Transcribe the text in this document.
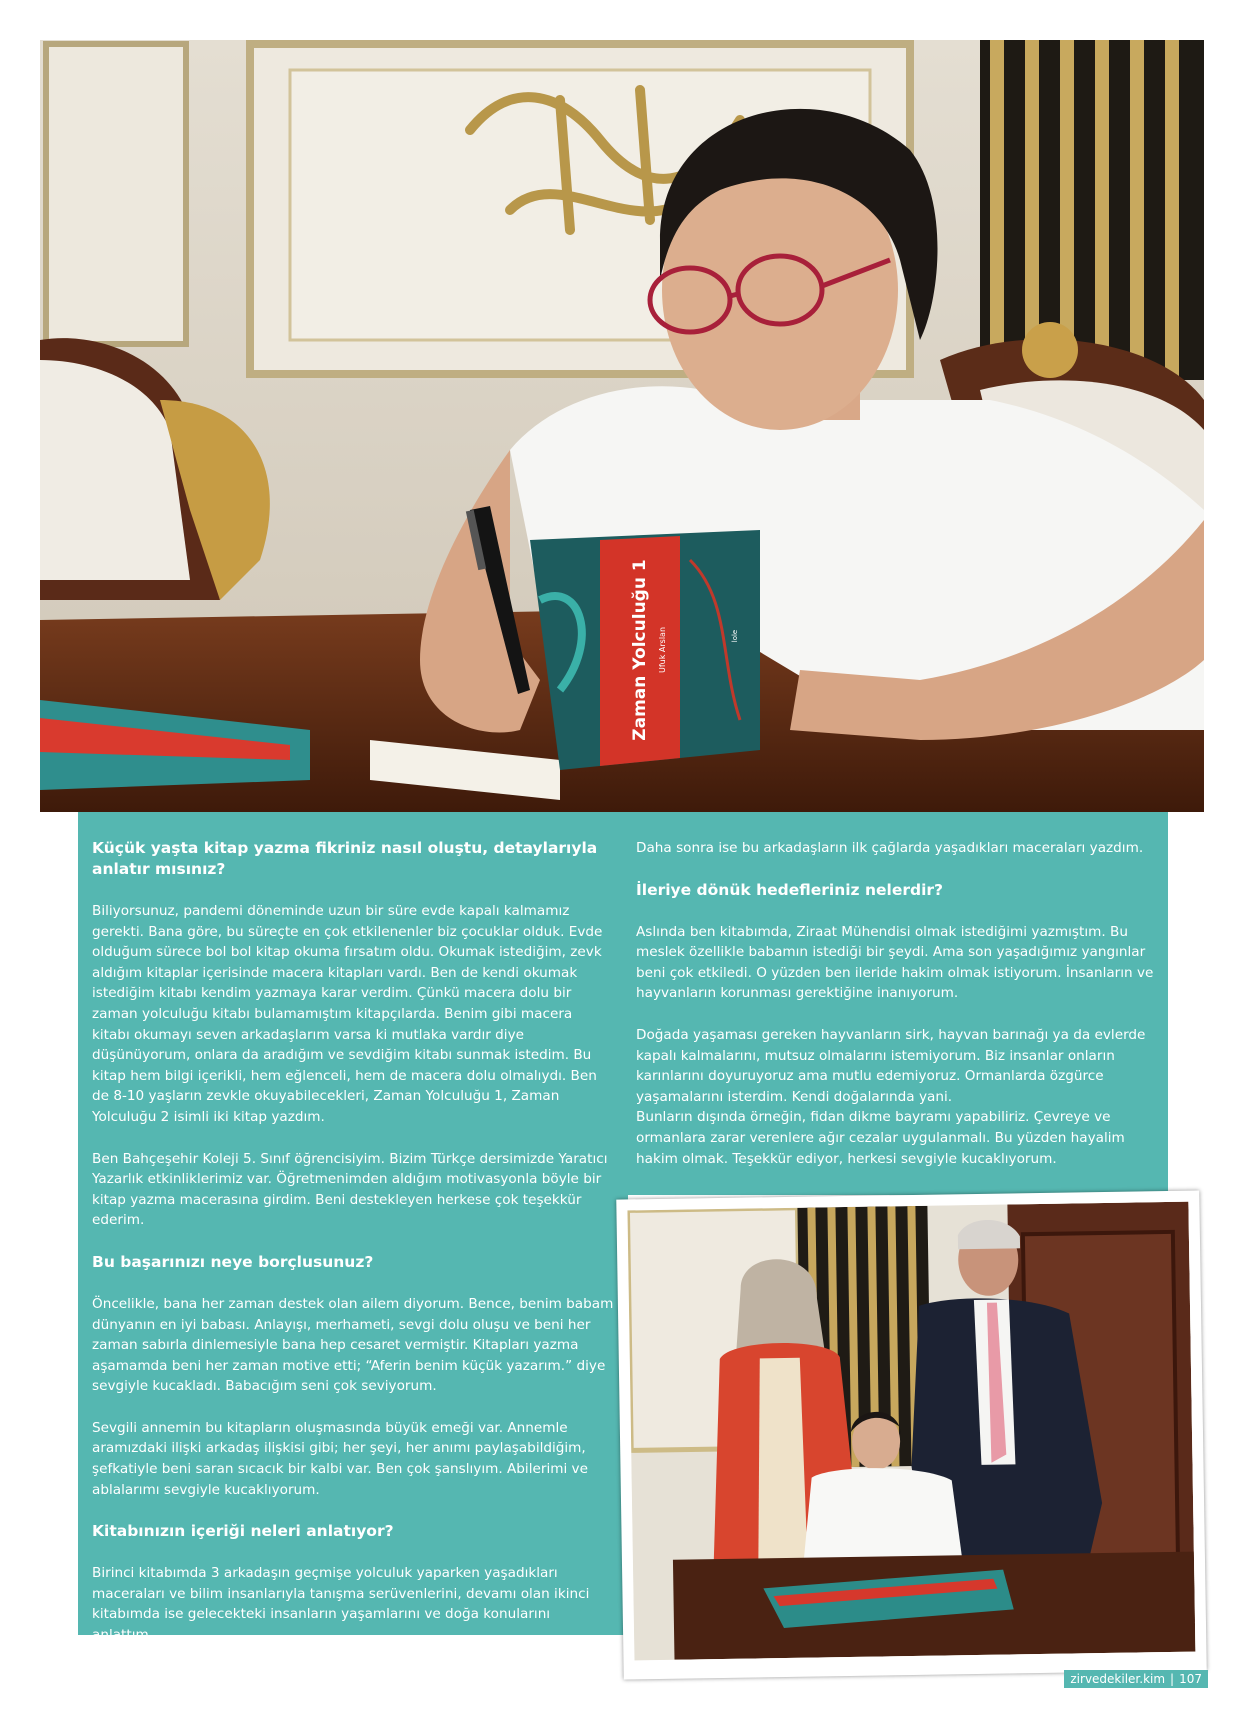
Zaman Yolculuğu 1 Ufuk Arslan	lole
Küçük yaşta kitap yazma fikriniz nasıl oluştu, detaylarıyla anlatır mısınız?

Biliyorsunuz, pandemi döneminde uzun bir süre evde kapalı kalmamız gerekti. Bana göre, bu süreçte en çok etkilenenler biz çocuklar olduk. Evde olduğum sürece bol bol kitap okuma fırsatım oldu. Okumak istediğim, zevk aldığım kitaplar içerisinde macera kitapları vardı. Ben de kendi okumak istediğim kitabı kendim yazmaya karar verdim. Çünkü macera dolu bir zaman yolculuğu kitabı bulamamıştım kitapçılarda. Benim gibi macera kitabı okumayı seven arkadaşlarım varsa ki mutlaka vardır diye düşünüyorum, onlara da aradığım ve sevdiğim kitabı sunmak istedim. Bu kitap hem bilgi içerikli, hem eğlenceli, hem de macera dolu olmalıydı. Ben de 8-10 yaşların zevkle okuyabilecekleri, Zaman Yolculuğu 1, Zaman Yolculuğu 2 isimli iki kitap yazdım.

Ben Bahçeşehir Koleji 5. Sınıf öğrencisiyim. Bizim Türkçe dersimizde Yaratıcı Yazarlık etkinliklerimiz var. Öğretmenimden aldığım motivasyonla böyle bir kitap yazma macerasına girdim. Beni destekleyen herkese çok teşekkür ederim.

Bu başarınızı neye borçlusunuz?

Öncelikle, bana her zaman destek olan ailem diyorum. Bence, benim babam dünyanın en iyi babası. Anlayışı, merhameti, sevgi dolu oluşu ve beni her zaman sabırla dinlemesiyle bana hep cesaret vermiştir. Kitapları yazma aşamamda beni her zaman motive etti; “Aferin benim küçük yazarım.” diye sevgiyle kucakladı. Babacığım seni çok seviyorum.

Sevgili annemin bu kitapların oluşmasında büyük emeği var. Annemle aramızdaki ilişki arkadaş ilişkisi gibi; her şeyi, her anımı paylaşabildiğim, şefkatiyle beni saran sıcacık bir kalbi var. Ben çok şanslıyım. Abilerimi ve ablalarımı sevgiyle kucaklıyorum.

Kitabınızın içeriği neleri anlatıyor?

Birinci kitabımda 3 arkadaşın geçmişe yolculuk yaparken yaşadıkları maceraları ve bilim insanlarıyla tanışma serüvenlerini, devamı olan ikinci kitabımda ise gelecekteki insanların yaşamlarını ve doğa konularını anlattım.

Daha sonra ise bu arkadaşların ilk çağlarda yaşadıkları maceraları yazdım.

İleriye dönük hedefleriniz nelerdir?

Aslında ben kitabımda, Ziraat Mühendisi olmak istediğimi yazmıştım. Bu meslek özellikle babamın istediği bir şeydi. Ama son yaşadığımız yangınlar beni çok etkiledi. O yüzden ben ileride hakim olmak istiyorum. İnsanların ve hayvanların korunması gerektiğine inanıyorum.

Doğada yaşaması gereken hayvanların sirk, hayvan barınağı ya da evlerde kapalı kalmalarını, mutsuz olmalarını istemiyorum. Biz insanlar onların karınlarını doyuruyoruz ama mutlu edemiyoruz. Ormanlarda özgürce yaşamalarını isterdim. Kendi doğalarında yani.

Bunların dışında örneğin, fidan dikme bayramı yapabiliriz. Çevreye ve ormanlara zarar verenlere ağır cezalar uygulanmalı. Bu yüzden hayalim hakim olmak. Teşekkür ediyor, herkesi sevgiyle kucaklıyorum.

zirvedekiler.kim | 107
